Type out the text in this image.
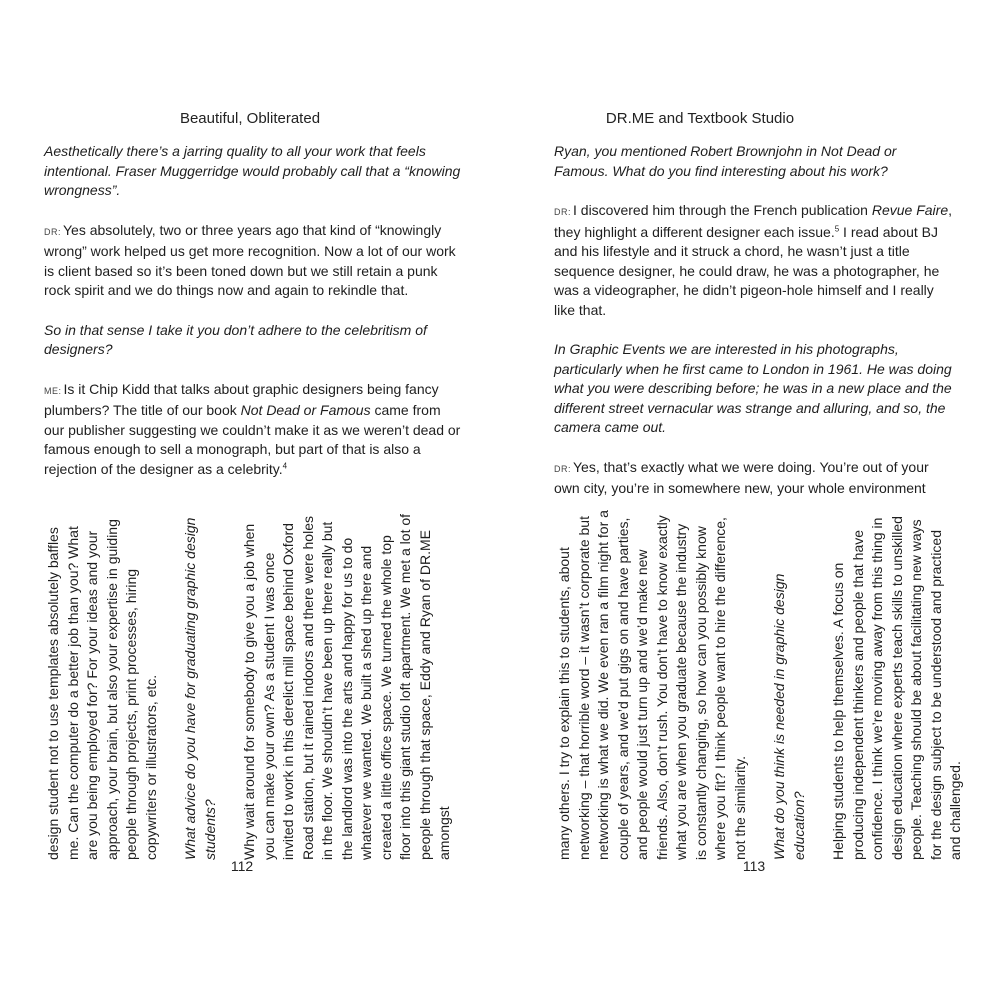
Beautiful, Obliterated

Aesthetically there’s a jarring quality to all your work that feels intentional. Fraser Muggerridge would probably call that a “knowing wrongness”.

DR: Yes absolutely, two or three years ago that kind of “knowingly wrong” work helped us get more recognition. Now a lot of our work is client based so it’s been toned down but we still retain a punk rock spirit and we do things now and again to rekindle that.

So in that sense I take it you don’t adhere to the celebritism of designers?

ME: Is it Chip Kidd that talks about graphic designers being fancy plumbers? The title of our book Not Dead or Famous came from our publisher suggesting we couldn’t make it as we weren’t dead or famous enough to sell a monograph, but part of that is also a rejection of the designer as a celebrity.$^4$

design student not to use templates absolutely baffles me. Can the computer do a better job than you? What are you being employed for? For your ideas and your approach, your brain, but also your expertise in guiding people through projects, print processes, hiring copywriters or illustrators, etc. What advice do you have for graduating graphic design students? Why wait around for somebody to give you a job when you can make your own? As a student I was once invited to work in this derelict mill space behind Oxford Road station, but it rained indoors and there were holes in the floor. We shouldn’t have been up there really but the landlord was into the arts and happy for us to do whatever we wanted. We built a shed up there and created a little office space. We turned the whole top floor into this giant studio loft apartment. We met a lot of people through that space, Eddy and Ryan of DR.ME amongst

112
DR.ME and Textbook Studio

Ryan, you mentioned Robert Brownjohn in Not Dead or Famous. What do you find interesting about his work?

DR: I discovered him through the French publication Revue Faire, they highlight a different designer each issue.$^5$ I read about BJ and his lifestyle and it struck a chord, he wasn’t just a title sequence designer, he could draw, he was a photographer, he was a videographer, he didn’t pigeon-hole himself and I really like that.

In Graphic Events we are interested in his photographs, particularly when he first came to London in 1961. He was doing what you were describing before; he was in a new place and the different street vernacular was strange and alluring, and so, the camera came out.

DR: Yes, that’s exactly what we were doing. You’re out of your own city, you’re in somewhere new, your whole environment

many others. I try to explain this to students, about networking – that horrible word – it wasn’t corporate but networking is what we did. We even ran a film night for a couple of years, and we’d put gigs on and have parties, and people would just turn up and we’d make new friends. Also, don’t rush. You don’t have to know exactly what you are when you graduate because the industry is constantly changing, so how can you possibly know where you fit? I think people want to hire the difference, not the similarity. What do you think is needed in graphic design education? Helping students to help themselves. A focus on producing independent thinkers and people that have confidence. I think we’re moving away from this thing in design education where experts teach skills to unskilled people. Teaching should be about facilitating new ways for the design subject to be understood and practiced and challenged.

113
